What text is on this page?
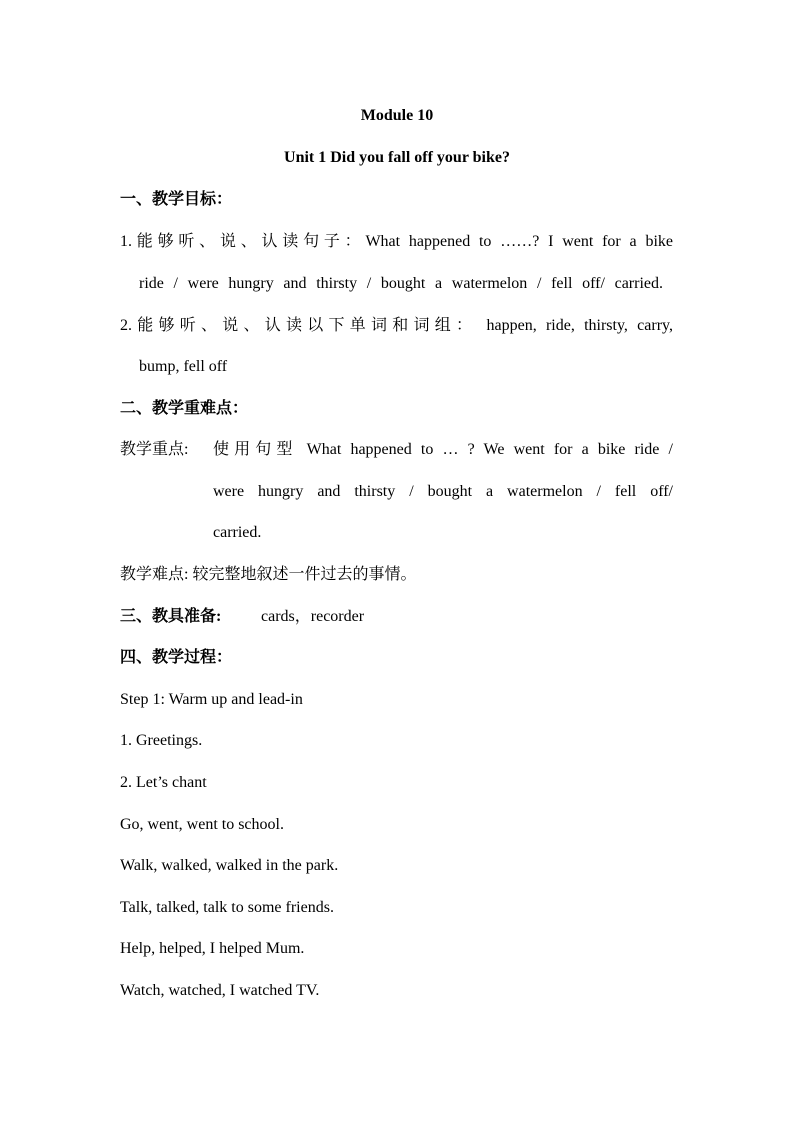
Module 10
Unit 1 Did you fall off your bike?
一、教学目标：
1.能够听、说、认读句子：What happened to ……? I went for a bike
ride / were hungry and thirsty / bought a watermelon / fell off/ carried.
2.能够听、说、认读以下单词和词组： happen, ride, thirsty, carry,
bump, fell off
二、教学重难点：
教学重点: 使用句型 What happened to … ? We went for a bike ride /
were hungry and thirsty / bought a watermelon / fell off/
carried.
教学难点: 较完整地叙述一件过去的事情。
三、教具准备: cards，recorder
四、教学过程：
Step 1: Warm up and lead-in
1. Greetings.
2. Let’s chant
Go, went, went to school.
Walk, walked, walked in the park.
Talk, talked, talk to some friends.
Help, helped, I helped Mum.
Watch, watched, I watched TV.
